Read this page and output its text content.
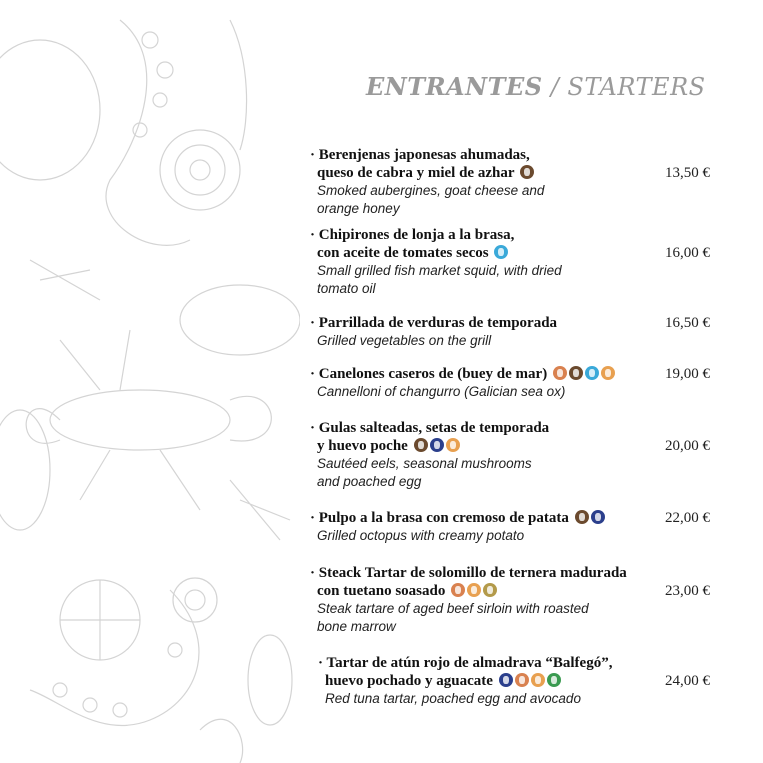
ENTRANTES / STARTERS
· Berenjenas japonesas ahumadas,
queso de cabra y miel de azhar
Smoked aubergines, goat cheese and
orange honey
13,50 €
· Chipirones de lonja a la brasa,
con aceite de tomates secos
Small grilled fish market squid, with dried
tomato oil
16,00 €
· Parrillada de verduras de temporada
Grilled vegetables on the grill
16,50 €
· Canelones caseros de (buey de mar)
Cannelloni of changurro (Galician sea ox)
19,00 €
· Gulas salteadas, setas de temporada
y huevo poche
Sautéed eels, seasonal mushrooms
and poached egg
20,00 €
· Pulpo a la brasa con cremoso de patata
Grilled octopus with creamy potato
22,00 €
· Steack Tartar de solomillo de ternera madurada
con tuetano soasado
Steak tartare of aged beef sirloin with roasted
bone marrow
23,00 €
· Tartar de atún rojo de almadrava “Balfegó”,
huevo pochado y aguacate
Red tuna tartar, poached egg and avocado
24,00 €
